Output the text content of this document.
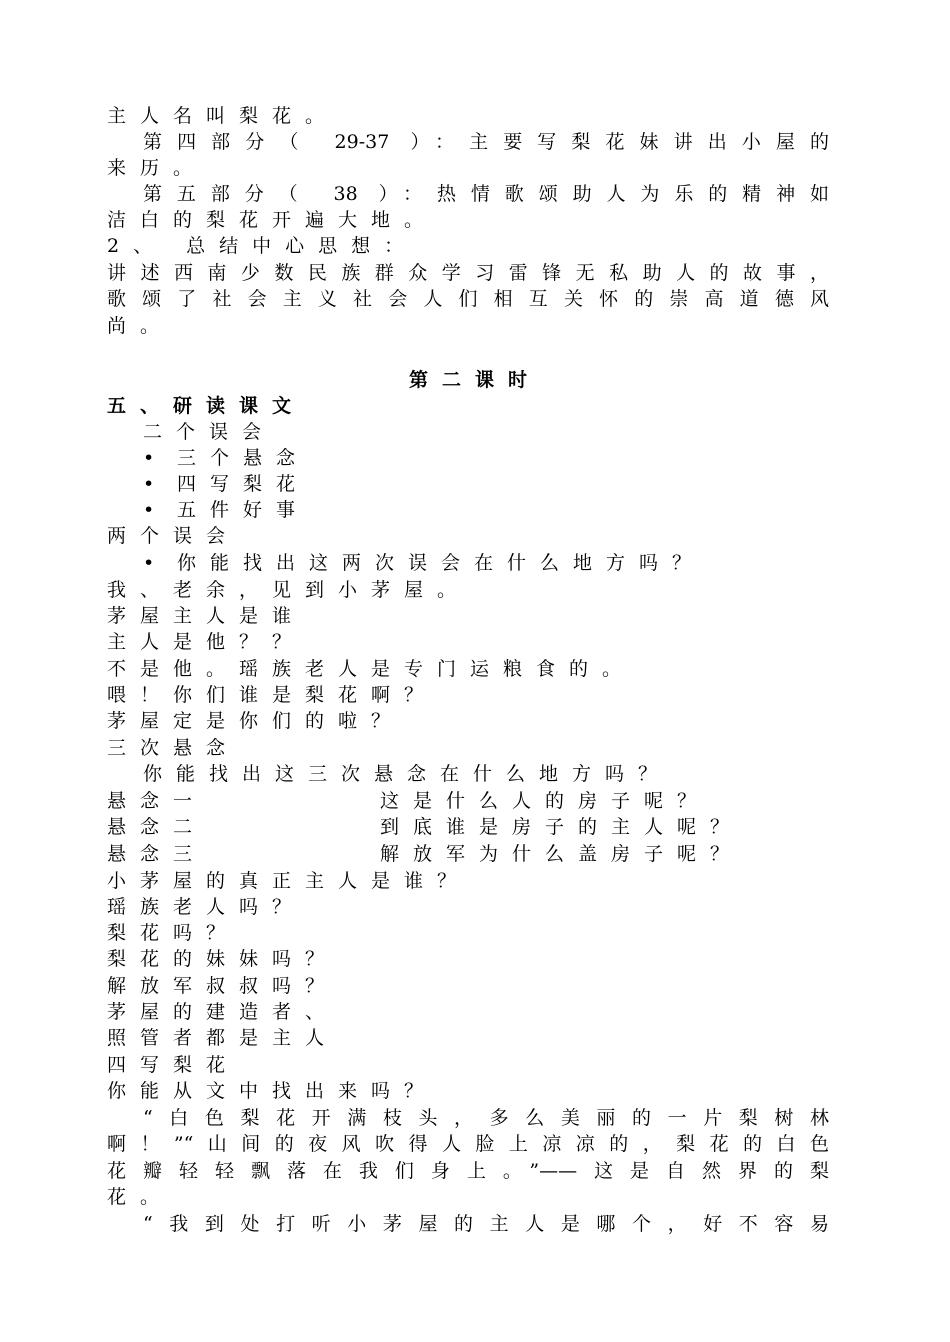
主人名叫梨花。
第四部分（ 29-37 ）：主要写梨花妹讲出小屋的
来历。
第五部分（ 38 ）：热情歌颂助人为乐的精神如
洁白的梨花开遍大地。
2、 总结中心思想：
讲述西南少数民族群众学习雷锋无私助人的故事，
歌颂了社会主义社会人们相互关怀的崇高道德风
尚。
第二课时
五、研读课文
二个误会
• 三个悬念
• 四写梨花
• 五件好事
两个误会
• 你能找出这两次误会在什么地方吗？
我、老余，见到小茅屋。
茅屋主人是谁
主人是他？？
不是他。瑶族老人是专门运粮食的。
喂！你们谁是梨花啊？
茅屋定是你们的啦？
三次悬念
你能找出这三次悬念在什么地方吗？
悬念一	这是什么人的房子呢？
悬念二	到底谁是房子的主人呢？
悬念三	解放军为什么盖房子呢？
小茅屋的真正主人是谁？
瑶族老人吗？
梨花吗？
梨花的妹妹吗？
解放军叔叔吗？
茅屋的建造者、
照管者都是主人
四写梨花
你能从文中找出来吗？
“白色梨花开满枝头，多么美丽的一片梨树林
啊！”“山间的夜风吹得人脸上凉凉的，梨花的白色
花瓣轻轻飘落在我们身上。”——这是自然界的梨
花。
“我到处打听小茅屋的主人是哪个，好不容易
